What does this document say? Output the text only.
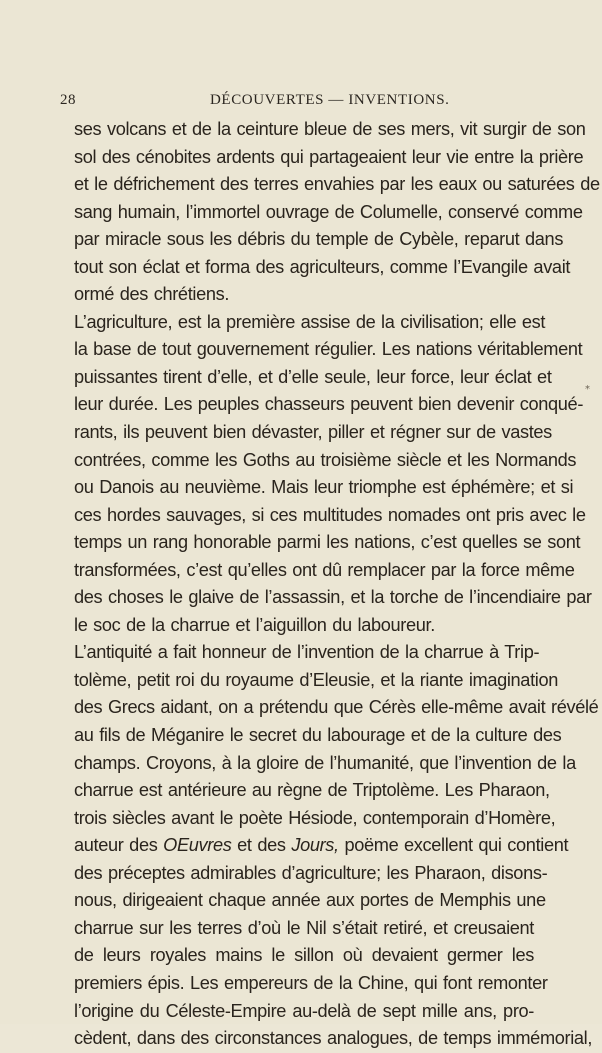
28	DÉCOUVERTES — INVENTIONS.
ses volcans et de la ceinture bleue de ses mers, vit surgir de son
sol des cénobites ardents qui partageaient leur vie entre la prière
et le défrichement des terres envahies par les eaux ou saturées de
sang humain, l’immortel ouvrage de Columelle, conservé comme
par miracle sous les débris du temple de Cybèle, reparut dans
tout son éclat et forma des agriculteurs, comme l’Evangile avait
ormé des chrétiens.
L’agriculture, est la première assise de la civilisation; elle est
la base de tout gouvernement régulier. Les nations véritablement
puissantes tirent d’elle, et d’elle seule, leur force, leur éclat et
leur durée. Les peuples chasseurs peuvent bien devenir conqué-
rants, ils peuvent bien dévaster, piller et régner sur de vastes
contrées, comme les Goths au troisième siècle et les Normands
ou Danois au neuvième. Mais leur triomphe est éphémère; et si
ces hordes sauvages, si ces multitudes nomades ont pris avec le
temps un rang honorable parmi les nations, c’est quelles se sont
transformées, c’est qu’elles ont dû remplacer par la force même
des choses le glaive de l’assassin, et la torche de l’incendiaire par
le soc de la charrue et l’aiguillon du laboureur.
L’antiquité a fait honneur de l’invention de la charrue à Trip-
tolème, petit roi du royaume d’Eleusie, et la riante imagination
des Grecs aidant, on a prétendu que Cérès elle-même avait révélé
au fils de Méganire le secret du labourage et de la culture des
champs. Croyons, à la gloire de l’humanité, que l’invention de la
charrue est antérieure au règne de Triptolème. Les Pharaon,
trois siècles avant le poète Hésiode, contemporain d’Homère,
auteur des OEuvres et des Jours, poëme excellent qui contient
des préceptes admirables d’agriculture; les Pharaon, disons-
nous, dirigeaient chaque année aux portes de Memphis une
charrue sur les terres d’où le Nil s’était retiré, et creusaient
de leurs royales mains le sillon où devaient germer les
premiers épis. Les empereurs de la Chine, qui font remonter
l’origine du Céleste-Empire au-delà de sept mille ans, pro-
cèdent, dans des circonstances analogues, de temps immémorial,
*
